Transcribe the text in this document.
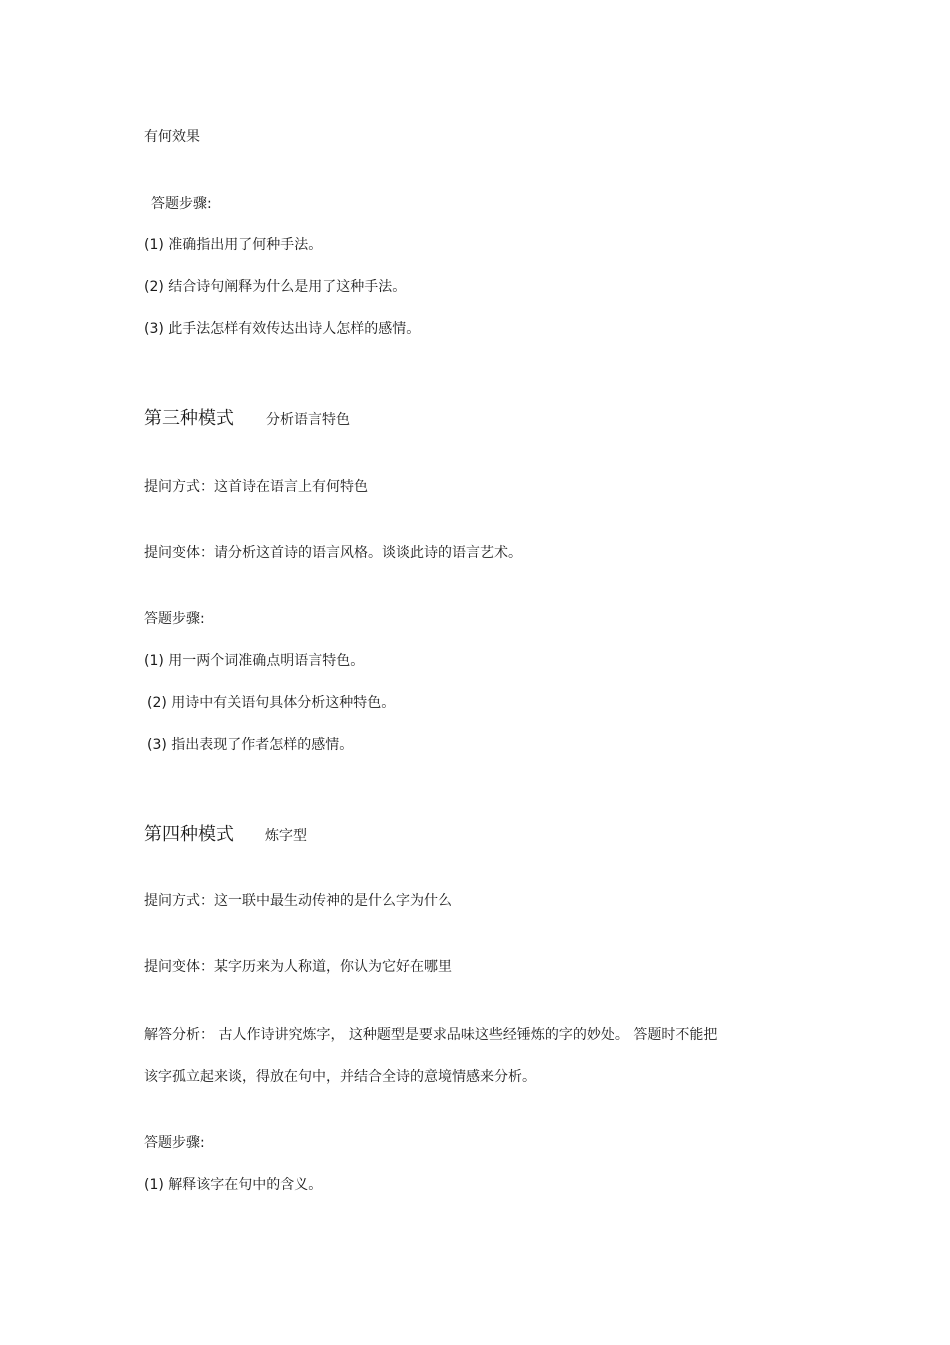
有何效果
答题步骤:
(1) 准确指出用了何种手法。
(2) 结合诗句阐释为什么是用了这种手法。
(3) 此手法怎样有效传达出诗人怎样的感情。
第三种模式 分析语言特色
提问方式：这首诗在语言上有何特色
提问变体：请分析这首诗的语言风格。谈谈此诗的语言艺术。
答题步骤:
(1) 用一两个词准确点明语言特色。
(2) 用诗中有关语句具体分析这种特色。
(3) 指出表现了作者怎样的感情。
第四种模式 炼字型
提问方式：这一联中最生动传神的是什么字为什么
提问变体：某字历来为人称道，你认为它好在哪里
解答分析： 古人作诗讲究炼字， 这种题型是要求品味这些经锤炼的字的妙处。 答题时不能把
该字孤立起来谈，得放在句中，并结合全诗的意境情感来分析。
答题步骤:
(1) 解释该字在句中的含义。
